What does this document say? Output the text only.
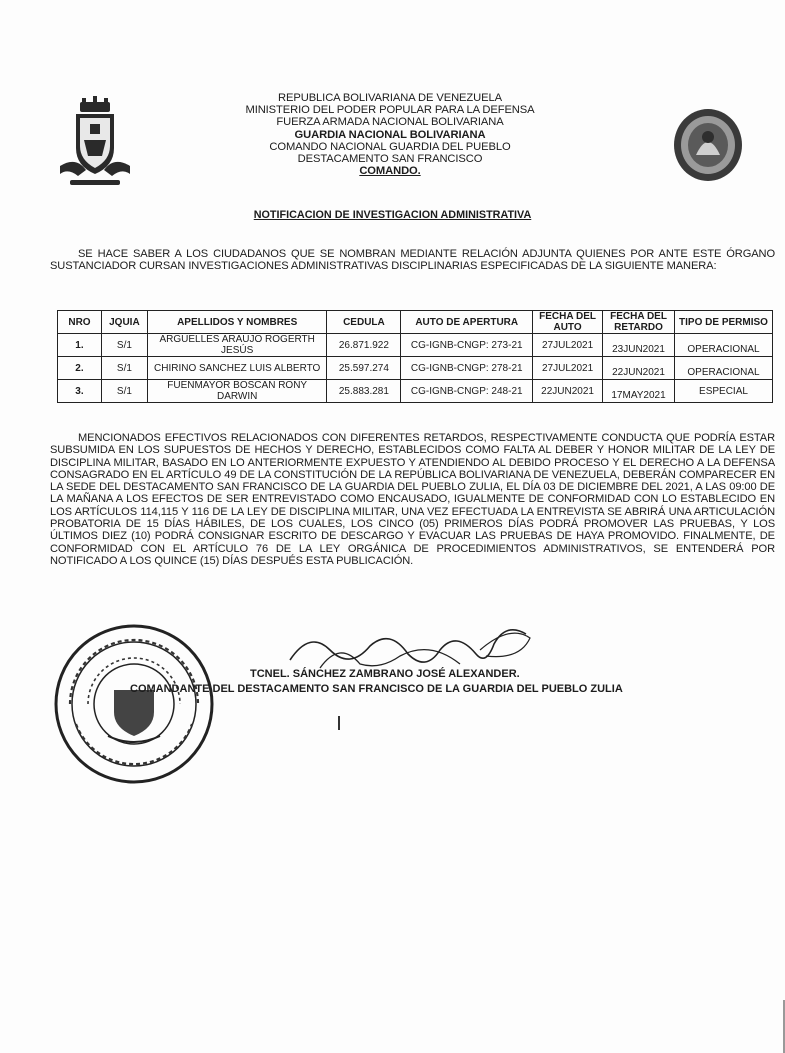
REPUBLICA BOLIVARIANA DE VENEZUELA
MINISTERIO DEL PODER POPULAR PARA LA DEFENSA
FUERZA ARMADA NACIONAL BOLIVARIANA
GUARDIA NACIONAL BOLIVARIANA
COMANDO NACIONAL GUARDIA DEL PUEBLO
DESTACAMENTO SAN FRANCISCO
COMANDO.
NOTIFICACION DE INVESTIGACION ADMINISTRATIVA
SE HACE SABER A LOS CIUDADANOS QUE SE NOMBRAN MEDIANTE RELACIÓN ADJUNTA QUIENES POR ANTE ESTE ÓRGANO SUSTANCIADOR CURSAN INVESTIGACIONES ADMINISTRATIVAS DISCIPLINARIAS ESPECIFICADAS DE LA SIGUIENTE MANERA:
NRO	JQUIA	APELLIDOS Y NOMBRES	CEDULA	AUTO DE APERTURA	FECHA DEL AUTO	FECHA DEL RETARDO	TIPO DE PERMISO
1.	S/1	ARGUELLES ARAUJO ROGERTH JESÚS	26.871.922	CG-IGNB-CNGP: 273-21	27JUL2021	23JUN2021	OPERACIONAL
2.	S/1	CHIRINO SANCHEZ LUIS ALBERTO	25.597.274	CG-IGNB-CNGP: 278-21	27JUL2021	22JUN2021	OPERACIONAL
3.	S/1	FUENMAYOR BOSCAN RONY DARWIN	25.883.281	CG-IGNB-CNGP: 248-21	22JUN2021	17MAY2021	ESPECIAL
MENCIONADOS EFECTIVOS RELACIONADOS CON DIFERENTES RETARDOS, RESPECTIVAMENTE CONDUCTA QUE PODRÍA ESTAR SUBSUMIDA EN LOS SUPUESTOS DE HECHOS Y DERECHO, ESTABLECIDOS COMO FALTA AL DEBER Y HONOR MILITAR DE LA LEY DE DISCIPLINA MILITAR, BASADO EN LO ANTERIORMENTE EXPUESTO Y ATENDIENDO AL DEBIDO PROCESO Y EL DERECHO A LA DEFENSA CONSAGRADO EN EL ARTÍCULO 49 DE LA CONSTITUCIÓN DE LA REPÚBLICA BOLIVARIANA DE VENEZUELA, DEBERÁN COMPARECER EN LA SEDE DEL DESTACAMENTO SAN FRANCISCO DE LA GUARDIA DEL PUEBLO ZULIA, EL DÍA 03 DE DICIEMBRE DEL 2021, A LAS 09:00 DE LA MAÑANA A LOS EFECTOS DE SER ENTREVISTADO COMO ENCAUSADO, IGUALMENTE DE CONFORMIDAD CON LO ESTABLECIDO EN LOS ARTÍCULOS 114,115 Y 116 DE LA LEY DE DISCIPLINA MILITAR, UNA VEZ EFECTUADA LA ENTREVISTA SE ABRIRÁ UNA ARTICULACIÓN PROBATORIA DE 15 DÍAS HÁBILES, DE LOS CUALES, LOS CINCO (05) PRIMEROS DÍAS PODRÁ PROMOVER LAS PRUEBAS, Y LOS ÚLTIMOS DIEZ (10) PODRÁ CONSIGNAR ESCRITO DE DESCARGO Y EVACUAR LAS PRUEBAS DE HAYA PROMOVIDO. FINALMENTE, DE CONFORMIDAD CON EL ARTÍCULO 76 DE LA LEY ORGÁNICA DE PROCEDIMIENTOS ADMINISTRATIVOS, SE ENTENDERÁ POR NOTIFICADO A LOS QUINCE (15) DÍAS DESPUÉS ESTA PUBLICACIÓN.
TCNEL. SÁNCHEZ ZAMBRANO JOSÉ ALEXANDER.
COMANDANTE DEL DESTACAMENTO SAN FRANCISCO DE LA GUARDIA DEL PUEBLO ZULIA
